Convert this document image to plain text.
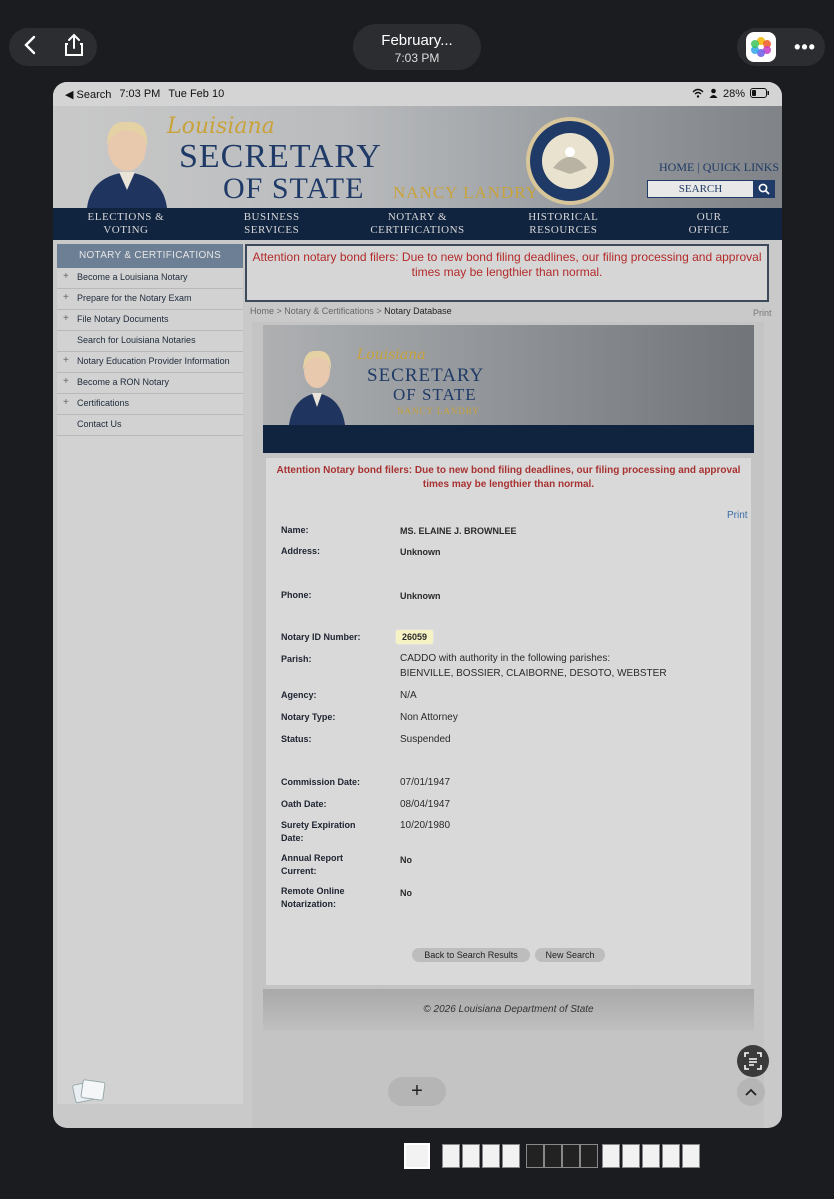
February...
7:03 PM
•••
◀ Search 7:03 PM Tue Feb 10	28%
Louisiana
SECRETARY
OF STATE NANCY LANDRY
HOME | QUICK LINKS
SEARCH
ELECTIONS &
VOTING
BUSINESS
SERVICES
NOTARY &
CERTIFICATIONS
HISTORICAL
RESOURCES
OUR
OFFICE
NOTARY & CERTIFICATIONS
+ Become a Louisiana Notary
+ Prepare for the Notary Exam
+ File Notary Documents
Search for Louisiana Notaries
+ Notary Education Provider Information
+ Become a RON Notary
+ Certifications
Contact Us
Attention notary bond filers: Due to new bond filing deadlines, our filing processing and approval times may be lengthier than normal.
Home > Notary & Certifications > Notary Database	Print
Louisiana
SECRETARY
OF STATE
NANCY LANDRY
Attention Notary bond filers: Due to new bond filing deadlines, our filing processing and approval times may be lengthier than normal.
Print
Name:	MS. ELAINE J. BROWNLEE
Address:	Unknown
Phone:	Unknown
Notary ID Number:	26059
Parish:	CADDO with authority in the following parishes:
BIENVILLE, BOSSIER, CLAIBORNE, DESOTO, WEBSTER
Agency:	N/A
Notary Type:	Non Attorney
Status:	Suspended
Commission Date:	07/01/1947
Oath Date:	08/04/1947
Surety Expiration
Date:
10/20/1980
Annual Report
Current:
No
Remote Online
Notarization:
No
Back to Search Results	New Search
© 2026 Louisiana Department of State
+
